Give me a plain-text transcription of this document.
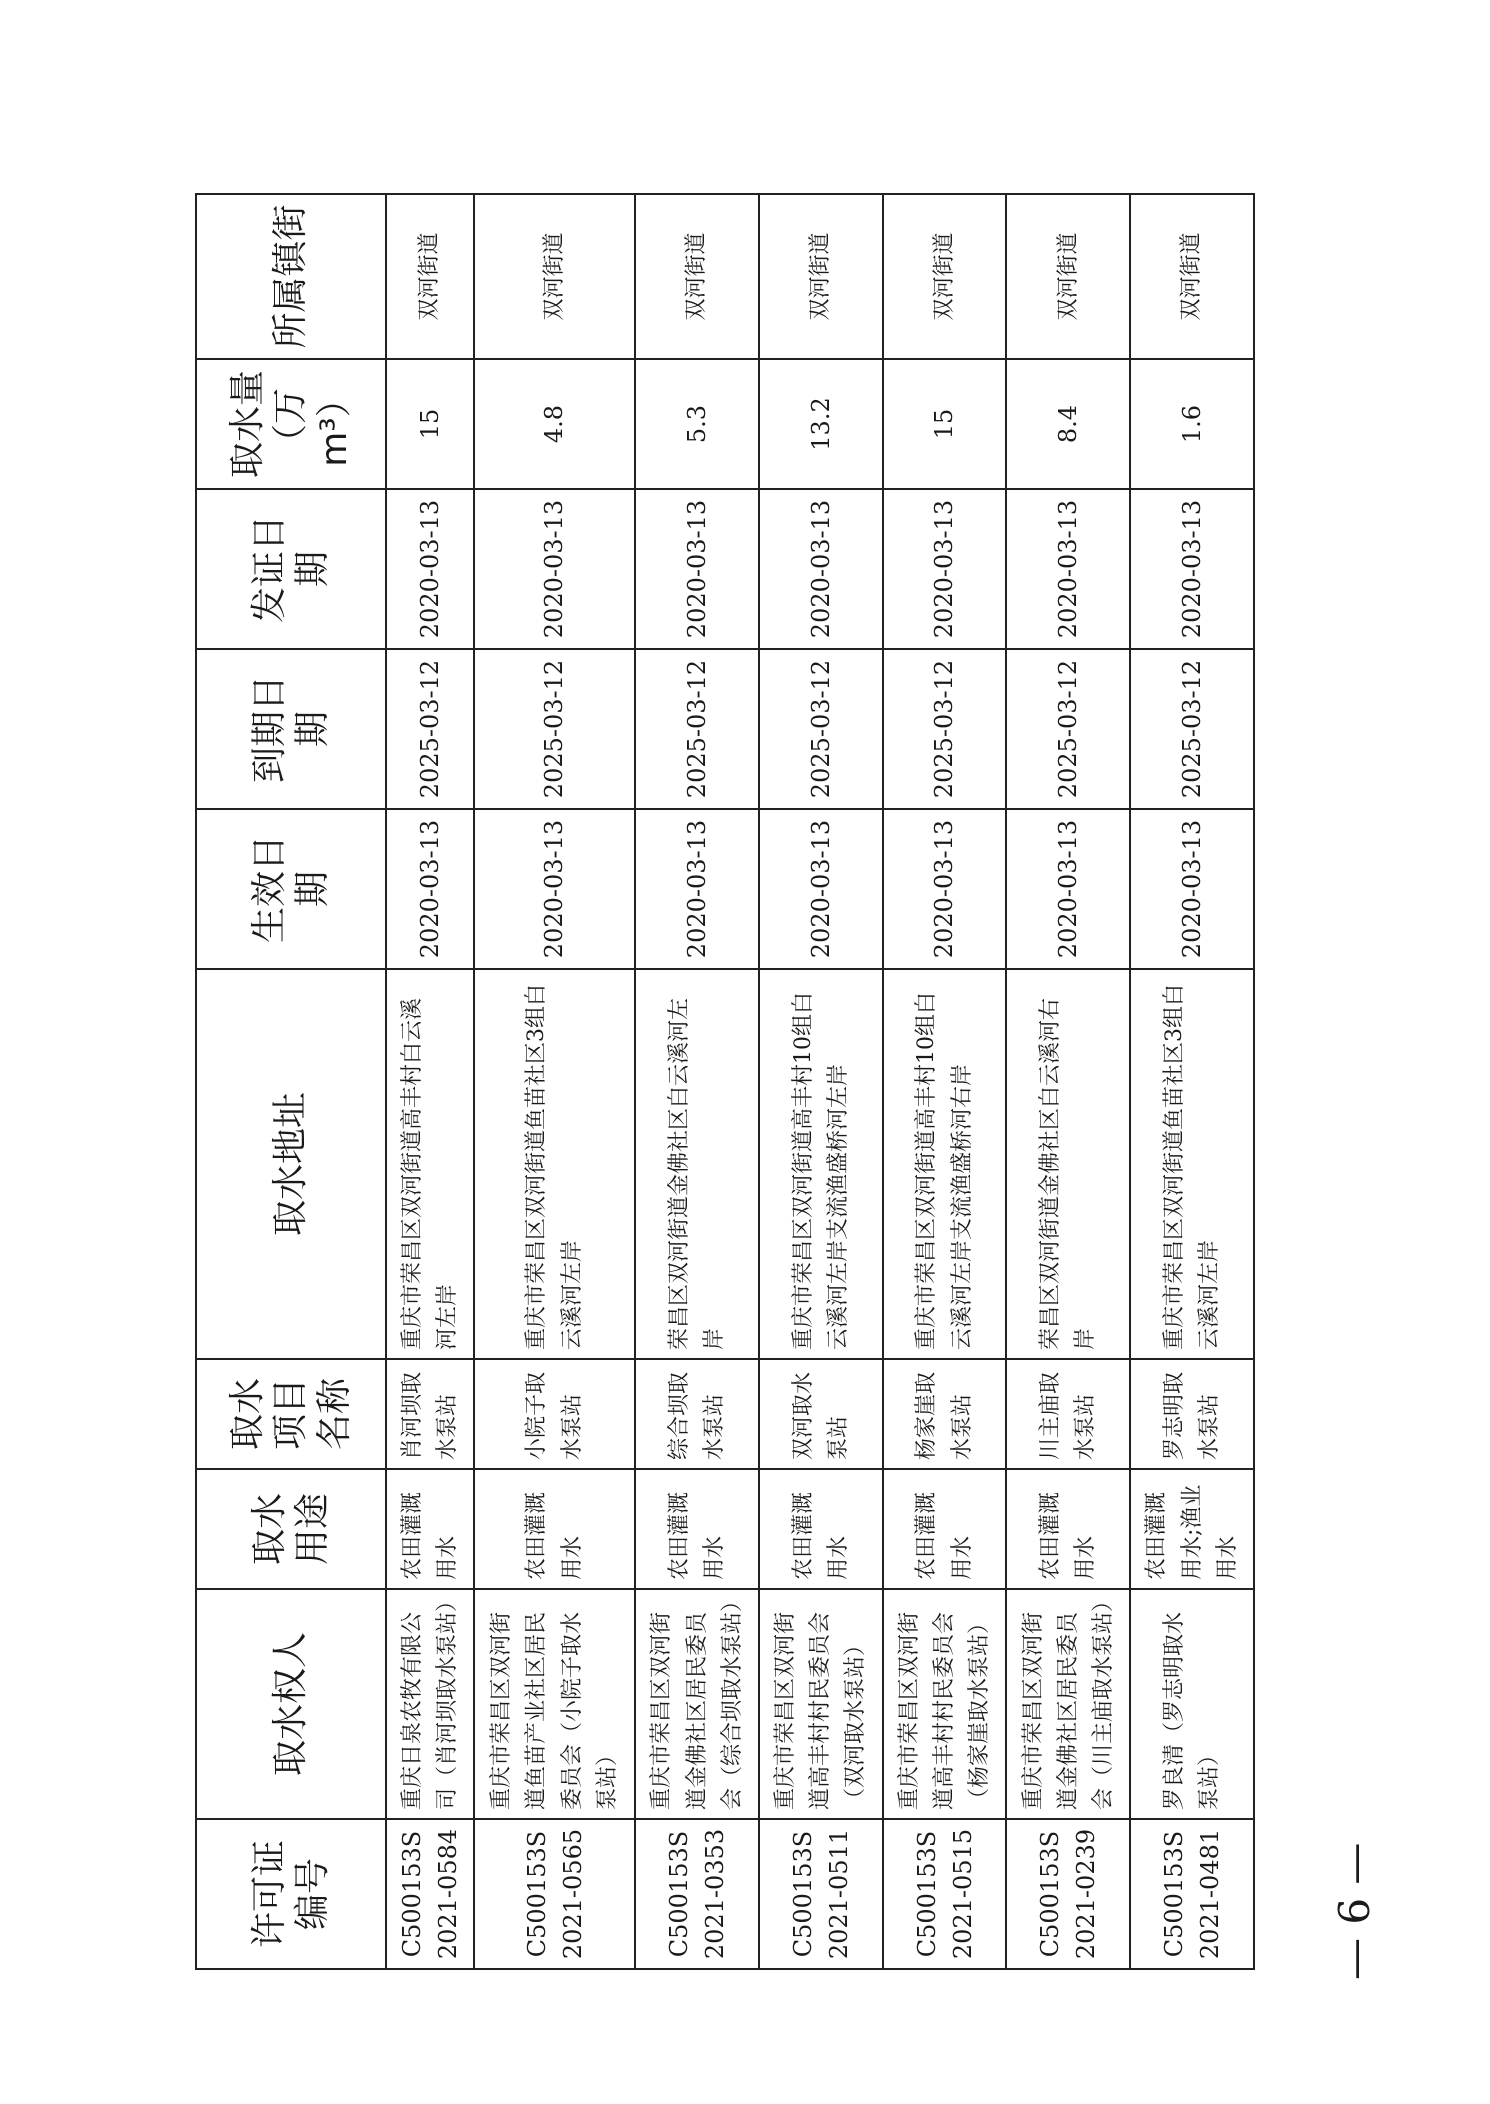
许可证编号	取水权人	取水用途	取水项目名称	取水地址	生效日期	到期日期	发证日期	取水量（万m³）	所属镇街
C500153S2021-0584	重庆日泉农牧有限公司（肖河坝取水泵站）	农田灌溉用水	肖河坝取水泵站	重庆市荣昌区双河街道高丰村白云溪河左岸	2020-03-13	2025-03-12	2020-03-13	15	双河街道
C500153S2021-0565	重庆市荣昌区双河街道鱼苗产业社区居民委员会（小院子取水泵站）	农田灌溉用水	小院子取水泵站	重庆市荣昌区双河街道鱼苗社区3组白云溪河左岸	2020-03-13	2025-03-12	2020-03-13	4.8	双河街道
C500153S2021-0353	重庆市荣昌区双河街道金佛社区居民委员会（综合坝取水泵站）	农田灌溉用水	综合坝取水泵站	荣昌区双河街道金佛社区白云溪河左岸	2020-03-13	2025-03-12	2020-03-13	5.3	双河街道
C500153S2021-0511	重庆市荣昌区双河街道高丰村村民委员会（双河取水泵站）	农田灌溉用水	双河取水泵站	重庆市荣昌区双河街道高丰村10组白云溪河左岸支流渔盛桥河左岸	2020-03-13	2025-03-12	2020-03-13	13.2	双河街道
C500153S2021-0515	重庆市荣昌区双河街道高丰村村民委员会（杨家崖取水泵站）	农田灌溉用水	杨家崖取水泵站	重庆市荣昌区双河街道高丰村10组白云溪河左岸支流渔盛桥河右岸	2020-03-13	2025-03-12	2020-03-13	15	双河街道
C500153S2021-0239	重庆市荣昌区双河街道金佛社区居民委员会（川主庙取水泵站）	农田灌溉用水	川主庙取水泵站	荣昌区双河街道金佛社区白云溪河右岸	2020-03-13	2025-03-12	2020-03-13	8.4	双河街道
C500153S2021-0481	罗良清（罗志明取水泵站）	农田灌溉用水;渔业用水	罗志明取水泵站	重庆市荣昌区双河街道鱼苗社区3组白云溪河左岸	2020-03-13	2025-03-12	2020-03-13	1.6	双河街道
— 6 —
